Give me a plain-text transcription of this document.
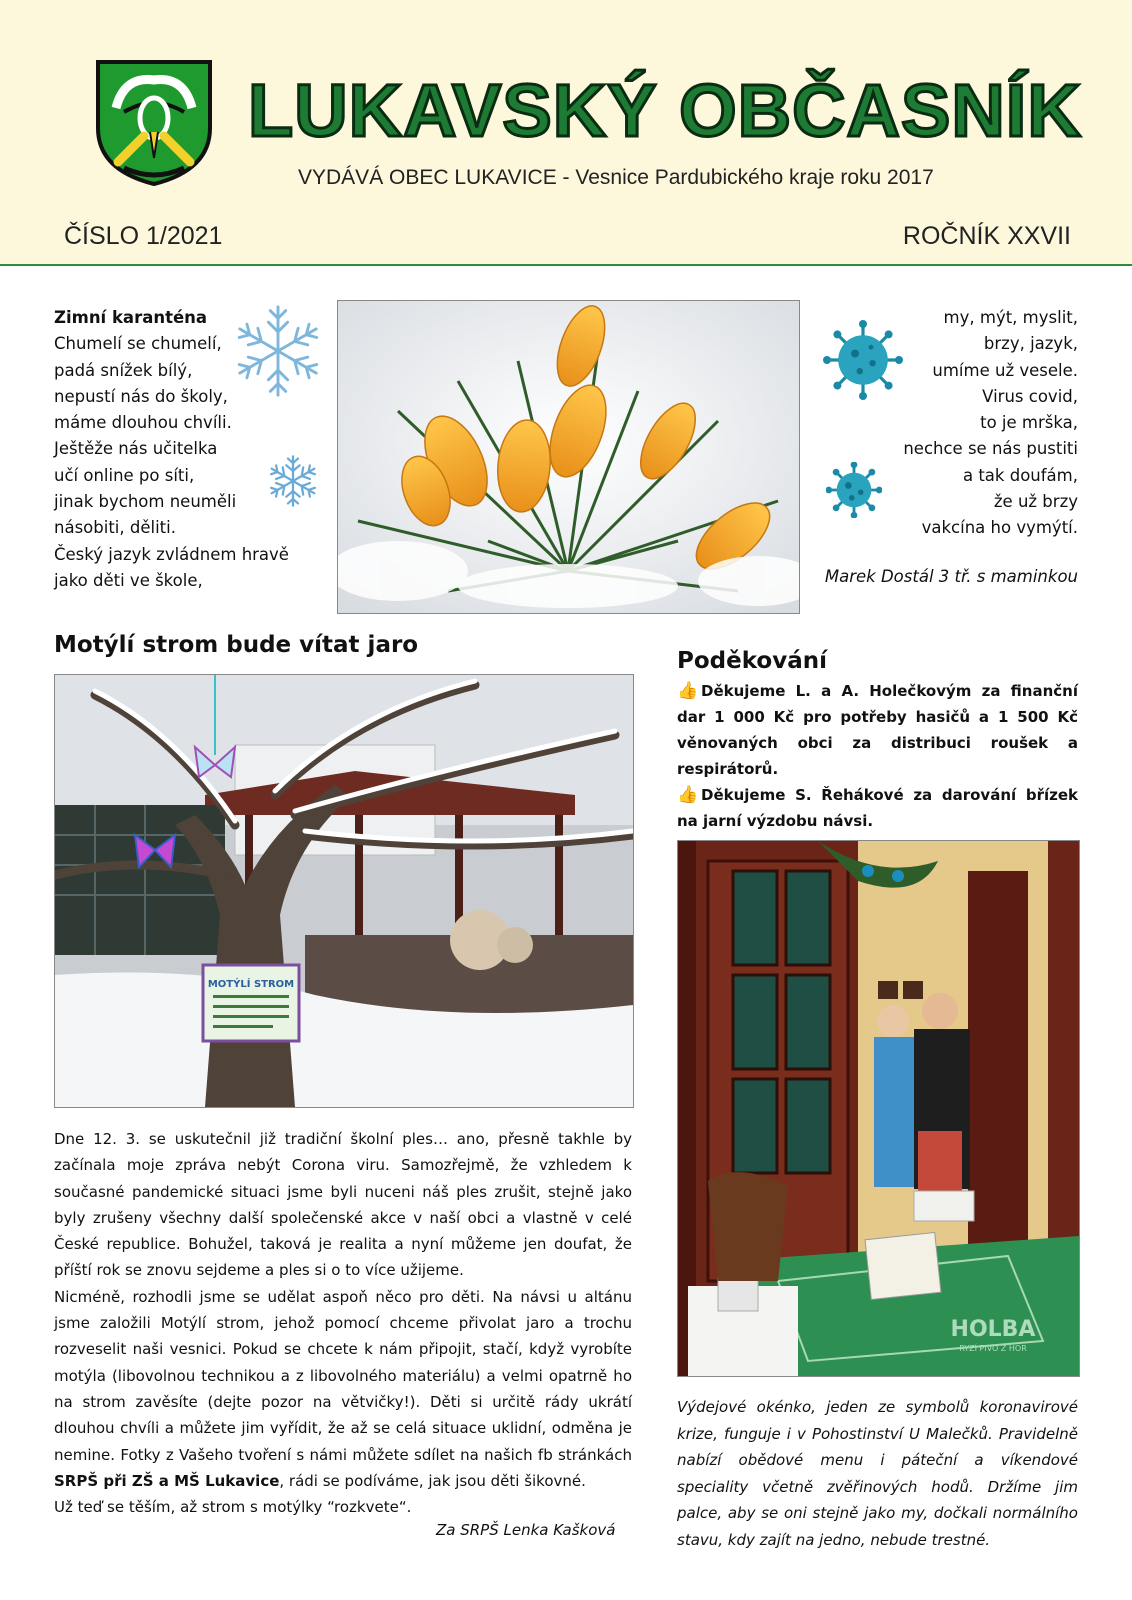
LUKAVSKÝ OBČASNÍK
VYDÁVÁ OBEC LUKAVICE - Vesnice Pardubického kraje roku 2017
ČÍSLO 1/2021	ROČNÍK XXVII
Zimní karanténa
Chumelí se chumelí,
padá snížek bílý,
nepustí nás do školy,
máme dlouhou chvíli.
Ještěže nás učitelka
učí online po síti,
jinak bychom neuměli
násobiti, děliti.
Český jazyk zvládnem hravě
jako děti ve škole,
my, mýt, myslit,
brzy, jazyk,
umíme už vesele.
Virus covid,
to je mrška,
nechce se nás pustiti
a tak doufám,
že už brzy
vakcína ho vymýtí.
Marek Dostál 3 tř. s maminkou
Motýlí strom bude vítat jaro
Poděkování
MOTÝLÍ STROM

👍 Děkujeme L. a A. Holečkovým za finanční dar 1 000 Kč pro potřeby hasičů a 1 500 Kč věnovaných obci za distribuci roušek a respirátorů.

👍 Děkujeme S. Řehákové za darování břízek na jarní výzdobu návsi.

HOLBA
RYZÍ PIVO Z HOR

Dne 12. 3. se uskutečnil již tradiční školní ples… ano, přesně takhle by začínala moje zpráva nebýt Corona viru. Samozřejmě, že vzhledem k současné pandemické situaci jsme byli nuceni náš ples zrušit, stejně jako byly zrušeny všechny další společenské akce v naší obci a vlastně v celé České republice. Bohužel, taková je realita a nyní můžeme jen doufat, že příští rok se znovu sejdeme a ples si o to více užijeme.

Nicméně, rozhodli jsme se udělat aspoň něco pro děti. Na návsi u altánu jsme založili Motýlí strom, jehož pomocí chceme přivolat jaro a trochu rozveselit naši vesnici. Pokud se chcete k nám připojit, stačí, když vyrobíte motýla (libovolnou technikou a z libovolného materiálu) a velmi opatrně ho na strom zavěsíte (dejte pozor na větvičky!). Děti si určitě rády ukrátí dlouhou chvíli a můžete jim vyřídit, že až se celá situace uklidní, odměna je nemine. Fotky z Vašeho tvoření s námi můžete sdílet na našich fb stránkách SRPŠ při ZŠ a MŠ Lukavice, rádi se podíváme, jak jsou děti šikovné.

Už teď se těším, až strom s motýlky “rozkvete“.

Za SRPŠ Lenka Kašková
Výdejové okénko, jeden ze symbolů koronavirové krize, funguje i v Pohostinství U Malečků. Pravidelně nabízí obědové menu i páteční a víkendové speciality včetně zvěřinových hodů. Držíme jim palce, aby se oni stejně jako my, dočkali normálního stavu, kdy zajít na jedno, nebude trestné.
